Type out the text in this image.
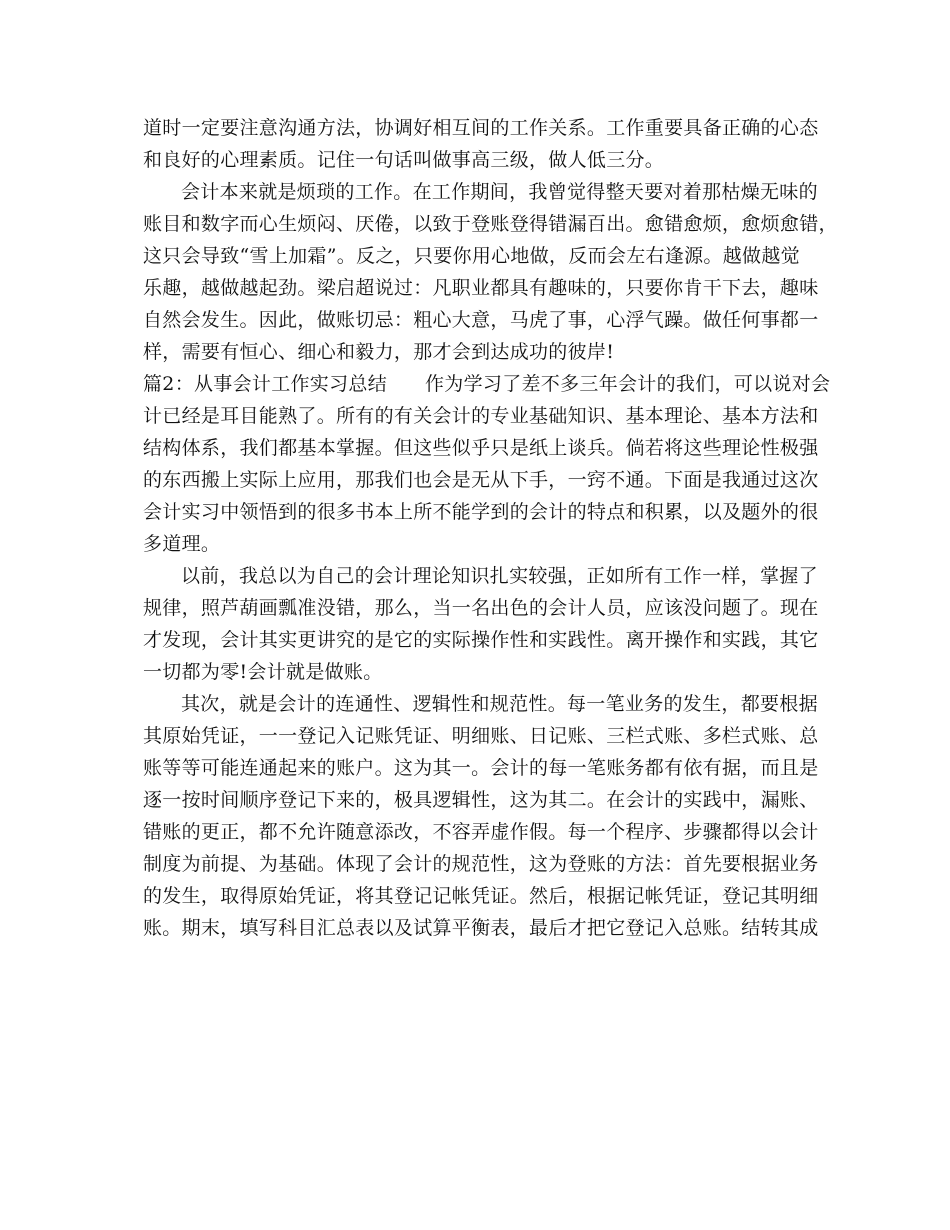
道时一定要注意沟通方法，协调好相互间的工作关系。工作重要具备正确的心态
和良好的心理素质。记住一句话叫做事高三级，做人低三分。
会计本来就是烦琐的工作。在工作期间，我曾觉得整天要对着那枯燥无味的
账目和数字而心生烦闷、厌倦，以致于登账登得错漏百出。愈错愈烦，愈烦愈错，
这只会导致“雪上加霜”。反之，只要你用心地做，反而会左右逢源。越做越觉
乐趣，越做越起劲。梁启超说过：凡职业都具有趣味的，只要你肯干下去，趣味
自然会发生。因此，做账切忌：粗心大意，马虎了事，心浮气躁。做任何事都一
样，需要有恒心、细心和毅力，那才会到达成功的彼岸!
篇2：从事会计工作实习总结 作为学习了差不多三年会计的我们，可以说对会
计已经是耳目能熟了。所有的有关会计的专业基础知识、基本理论、基本方法和
结构体系，我们都基本掌握。但这些似乎只是纸上谈兵。倘若将这些理论性极强
的东西搬上实际上应用，那我们也会是无从下手，一窍不通。下面是我通过这次
会计实习中领悟到的很多书本上所不能学到的会计的特点和积累，以及题外的很
多道理。
以前，我总以为自己的会计理论知识扎实较强，正如所有工作一样，掌握了
规律，照芦葫画瓢准没错，那么，当一名出色的会计人员，应该没问题了。现在
才发现，会计其实更讲究的是它的实际操作性和实践性。离开操作和实践，其它
一切都为零!会计就是做账。
其次，就是会计的连通性、逻辑性和规范性。每一笔业务的发生，都要根据
其原始凭证，一一登记入记账凭证、明细账、日记账、三栏式账、多栏式账、总
账等等可能连通起来的账户。这为其一。会计的每一笔账务都有依有据，而且是
逐一按时间顺序登记下来的，极具逻辑性，这为其二。在会计的实践中，漏账、
错账的更正，都不允许随意添改，不容弄虚作假。每一个程序、步骤都得以会计
制度为前提、为基础。体现了会计的规范性，这为登账的方法：首先要根据业务
的发生，取得原始凭证，将其登记记帐凭证。然后，根据记帐凭证，登记其明细
账。期末，填写科目汇总表以及试算平衡表，最后才把它登记入总账。结转其成
